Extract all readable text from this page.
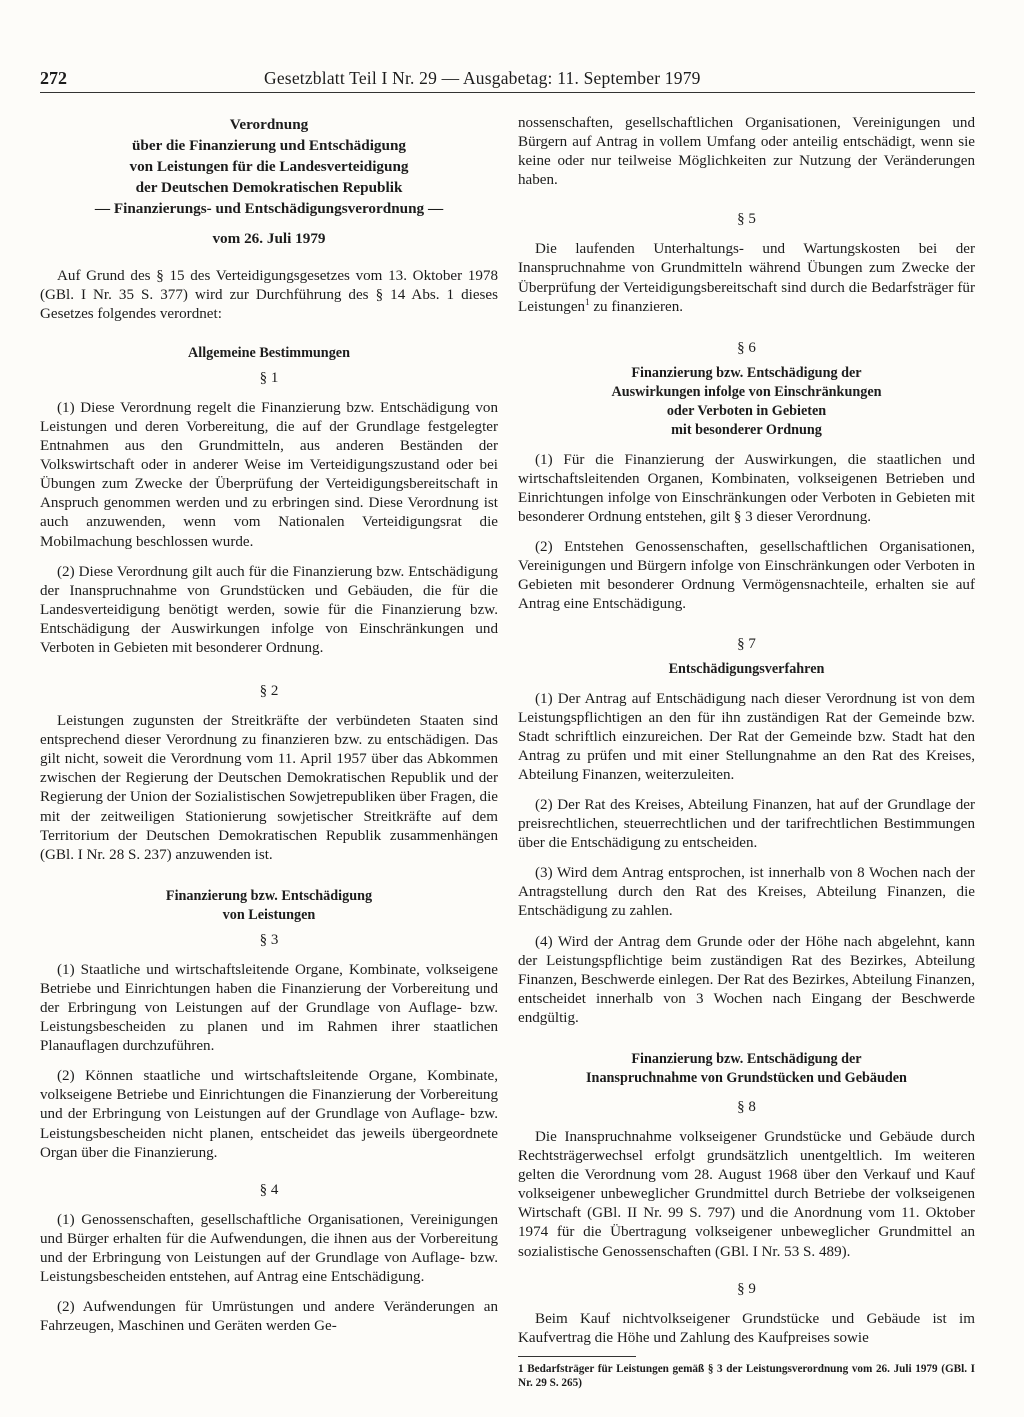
272	Gesetzblatt Teil I Nr. 29 — Ausgabetag: 11. September 1979
Verordnung
über die Finanzierung und Entschädigung
von Leistungen für die Landesverteidigung
der Deutschen Demokratischen Republik
— Finanzierungs- und Entschädigungsverordnung —
vom 26. Juli 1979

Auf Grund des § 15 des Verteidigungsgesetzes vom 13. Oktober 1978 (GBl. I Nr. 35 S. 377) wird zur Durchführung des § 14 Abs. 1 dieses Gesetzes folgendes verordnet:

Allgemeine Bestimmungen
§ 1

(1) Diese Verordnung regelt die Finanzierung bzw. Entschädigung von Leistungen und deren Vorbereitung, die auf der Grundlage festgelegter Entnahmen aus den Grundmitteln, aus anderen Beständen der Volkswirtschaft oder in anderer Weise im Verteidigungszustand oder bei Übungen zum Zwecke der Überprüfung der Verteidigungsbereitschaft in Anspruch genommen werden und zu erbringen sind. Diese Verordnung ist auch anzuwenden, wenn vom Nationalen Verteidigungsrat die Mobilmachung beschlossen wurde.

(2) Diese Verordnung gilt auch für die Finanzierung bzw. Entschädigung der Inanspruchnahme von Grundstücken und Gebäuden, die für die Landesverteidigung benötigt werden, sowie für die Finanzierung bzw. Entschädigung der Auswirkungen infolge von Einschränkungen und Verboten in Gebieten mit besonderer Ordnung.

§ 2

Leistungen zugunsten der Streitkräfte der verbündeten Staaten sind entsprechend dieser Verordnung zu finanzieren bzw. zu entschädigen. Das gilt nicht, soweit die Verordnung vom 11. April 1957 über das Abkommen zwischen der Regierung der Deutschen Demokratischen Republik und der Regierung der Union der Sozialistischen Sowjetrepubliken über Fragen, die mit der zeitweiligen Stationierung sowjetischer Streitkräfte auf dem Territorium der Deutschen Demokratischen Republik zusammenhängen (GBl. I Nr. 28 S. 237) anzuwenden ist.

Finanzierung bzw. Entschädigung
von Leistungen
§ 3

(1) Staatliche und wirtschaftsleitende Organe, Kombinate, volkseigene Betriebe und Einrichtungen haben die Finanzierung der Vorbereitung und der Erbringung von Leistungen auf der Grundlage von Auflage- bzw. Leistungsbescheiden zu planen und im Rahmen ihrer staatlichen Planauflagen durchzuführen.

(2) Können staatliche und wirtschaftsleitende Organe, Kombinate, volkseigene Betriebe und Einrichtungen die Finanzierung der Vorbereitung und der Erbringung von Leistungen auf der Grundlage von Auflage- bzw. Leistungsbescheiden nicht planen, entscheidet das jeweils übergeordnete Organ über die Finanzierung.

§ 4

(1) Genossenschaften, gesellschaftliche Organisationen, Vereinigungen und Bürger erhalten für die Aufwendungen, die ihnen aus der Vorbereitung und der Erbringung von Leistungen auf der Grundlage von Auflage- bzw. Leistungsbescheiden entstehen, auf Antrag eine Entschädigung.

(2) Aufwendungen für Umrüstungen und andere Veränderungen an Fahrzeugen, Maschinen und Geräten werden Ge-

nossenschaften, gesellschaftlichen Organisationen, Vereinigungen und Bürgern auf Antrag in vollem Umfang oder anteilig entschädigt, wenn sie keine oder nur teilweise Möglichkeiten zur Nutzung der Veränderungen haben.

§ 5

Die laufenden Unterhaltungs- und Wartungskosten bei der Inanspruchnahme von Grundmitteln während Übungen zum Zwecke der Überprüfung der Verteidigungsbereitschaft sind durch die Bedarfsträger für Leistungen$^1$ zu finanzieren.

§ 6
Finanzierung bzw. Entschädigung der
Auswirkungen infolge von Einschränkungen
oder Verboten in Gebieten
mit besonderer Ordnung

(1) Für die Finanzierung der Auswirkungen, die staatlichen und wirtschaftsleitenden Organen, Kombinaten, volkseigenen Betrieben und Einrichtungen infolge von Einschränkungen oder Verboten in Gebieten mit besonderer Ordnung entstehen, gilt § 3 dieser Verordnung.

(2) Entstehen Genossenschaften, gesellschaftlichen Organisationen, Vereinigungen und Bürgern infolge von Einschränkungen oder Verboten in Gebieten mit besonderer Ordnung Vermögensnachteile, erhalten sie auf Antrag eine Entschädigung.

§ 7
Entschädigungsverfahren

(1) Der Antrag auf Entschädigung nach dieser Verordnung ist von dem Leistungspflichtigen an den für ihn zuständigen Rat der Gemeinde bzw. Stadt schriftlich einzureichen. Der Rat der Gemeinde bzw. Stadt hat den Antrag zu prüfen und mit einer Stellungnahme an den Rat des Kreises, Abteilung Finanzen, weiterzuleiten.

(2) Der Rat des Kreises, Abteilung Finanzen, hat auf der Grundlage der preisrechtlichen, steuerrechtlichen und der tarifrechtlichen Bestimmungen über die Entschädigung zu entscheiden.

(3) Wird dem Antrag entsprochen, ist innerhalb von 8 Wochen nach der Antragstellung durch den Rat des Kreises, Abteilung Finanzen, die Entschädigung zu zahlen.

(4) Wird der Antrag dem Grunde oder der Höhe nach abgelehnt, kann der Leistungspflichtige beim zuständigen Rat des Bezirkes, Abteilung Finanzen, Beschwerde einlegen. Der Rat des Bezirkes, Abteilung Finanzen, entscheidet innerhalb von 3 Wochen nach Eingang der Beschwerde endgültig.

Finanzierung bzw. Entschädigung der
Inanspruchnahme von Grundstücken und Gebäuden
§ 8

Die Inanspruchnahme volkseigener Grundstücke und Gebäude durch Rechtsträgerwechsel erfolgt grundsätzlich unentgeltlich. Im weiteren gelten die Verordnung vom 28. August 1968 über den Verkauf und Kauf volkseigener unbeweglicher Grundmittel durch Betriebe der volkseigenen Wirtschaft (GBl. II Nr. 99 S. 797) und die Anordnung vom 11. Oktober 1974 für die Übertragung volkseigener unbeweglicher Grundmittel an sozialistische Genossenschaften (GBl. I Nr. 53 S. 489).

§ 9

Beim Kauf nichtvolkseigener Grundstücke und Gebäude ist im Kaufvertrag die Höhe und Zahlung des Kaufpreises sowie

1 Bedarfsträger für Leistungen gemäß § 3 der Leistungsverordnung vom 26. Juli 1979 (GBl. I Nr. 29 S. 265)
